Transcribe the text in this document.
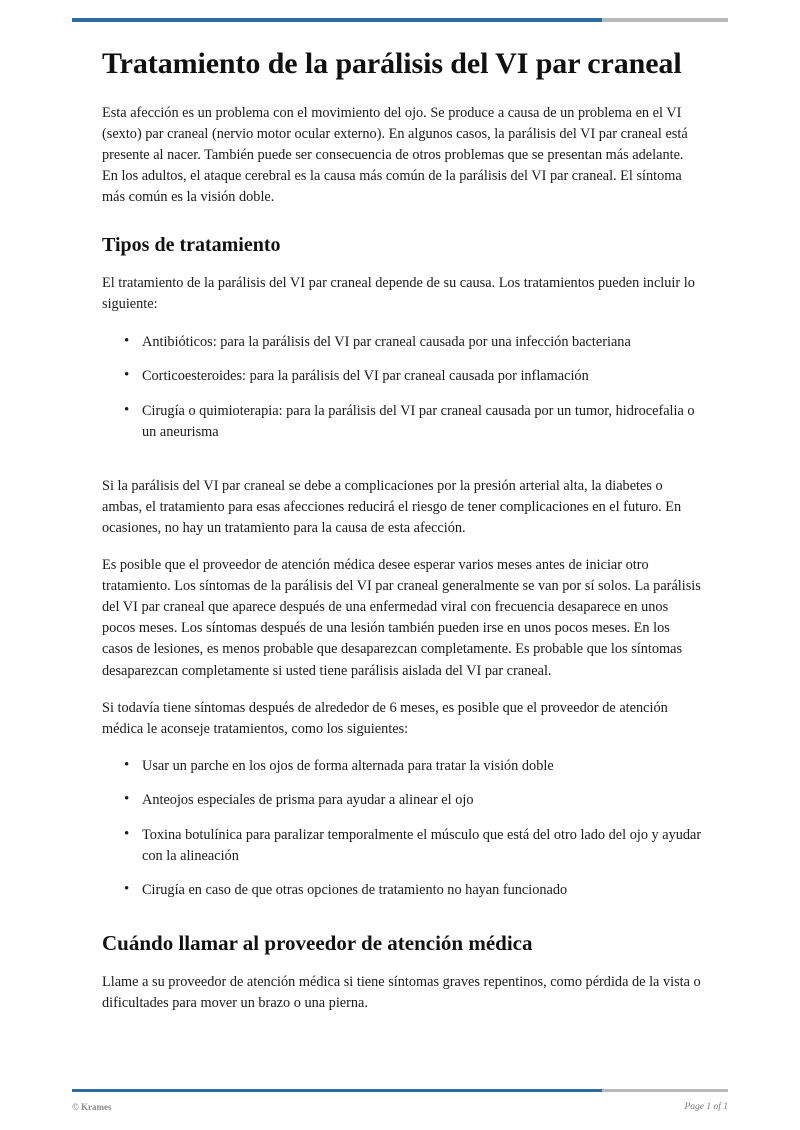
Tratamiento de la parálisis del VI par craneal

Esta afección es un problema con el movimiento del ojo. Se produce a causa de un problema en el VI (sexto) par craneal (nervio motor ocular externo). En algunos casos, la parálisis del VI par craneal está presente al nacer. También puede ser consecuencia de otros problemas que se presentan más adelante. En los adultos, el ataque cerebral es la causa más común de la parálisis del VI par craneal. El síntoma más común es la visión doble.

Tipos de tratamiento

El tratamiento de la parálisis del VI par craneal depende de su causa. Los tratamientos pueden incluir lo siguiente:

• Antibióticos: para la parálisis del VI par craneal causada por una infección bacteriana
• Corticoesteroides: para la parálisis del VI par craneal causada por inflamación
• Cirugía o quimioterapia: para la parálisis del VI par craneal causada por un tumor, hidrocefalia o un aneurisma

Si la parálisis del VI par craneal se debe a complicaciones por la presión arterial alta, la diabetes o ambas, el tratamiento para esas afecciones reducirá el riesgo de tener complicaciones en el futuro. En ocasiones, no hay un tratamiento para la causa de esta afección.

Es posible que el proveedor de atención médica desee esperar varios meses antes de iniciar otro tratamiento. Los síntomas de la parálisis del VI par craneal generalmente se van por sí solos. La parálisis del VI par craneal que aparece después de una enfermedad viral con frecuencia desaparece en unos pocos meses. Los síntomas después de una lesión también pueden irse en unos pocos meses. En los casos de lesiones, es menos probable que desaparezcan completamente. Es probable que los síntomas desaparezcan completamente si usted tiene parálisis aislada del VI par craneal.

Si todavía tiene síntomas después de alrededor de 6 meses, es posible que el proveedor de atención médica le aconseje tratamientos, como los siguientes:

• Usar un parche en los ojos de forma alternada para tratar la visión doble
• Anteojos especiales de prisma para ayudar a alinear el ojo
• Toxina botulínica para paralizar temporalmente el músculo que está del otro lado del ojo y ayudar con la alineación
• Cirugía en caso de que otras opciones de tratamiento no hayan funcionado
Cuándo llamar al proveedor de atención médica

Llame a su proveedor de atención médica si tiene síntomas graves repentinos, como pérdida de la vista o dificultades para mover un brazo o una pierna.

© Krames	Page 1 of 1
